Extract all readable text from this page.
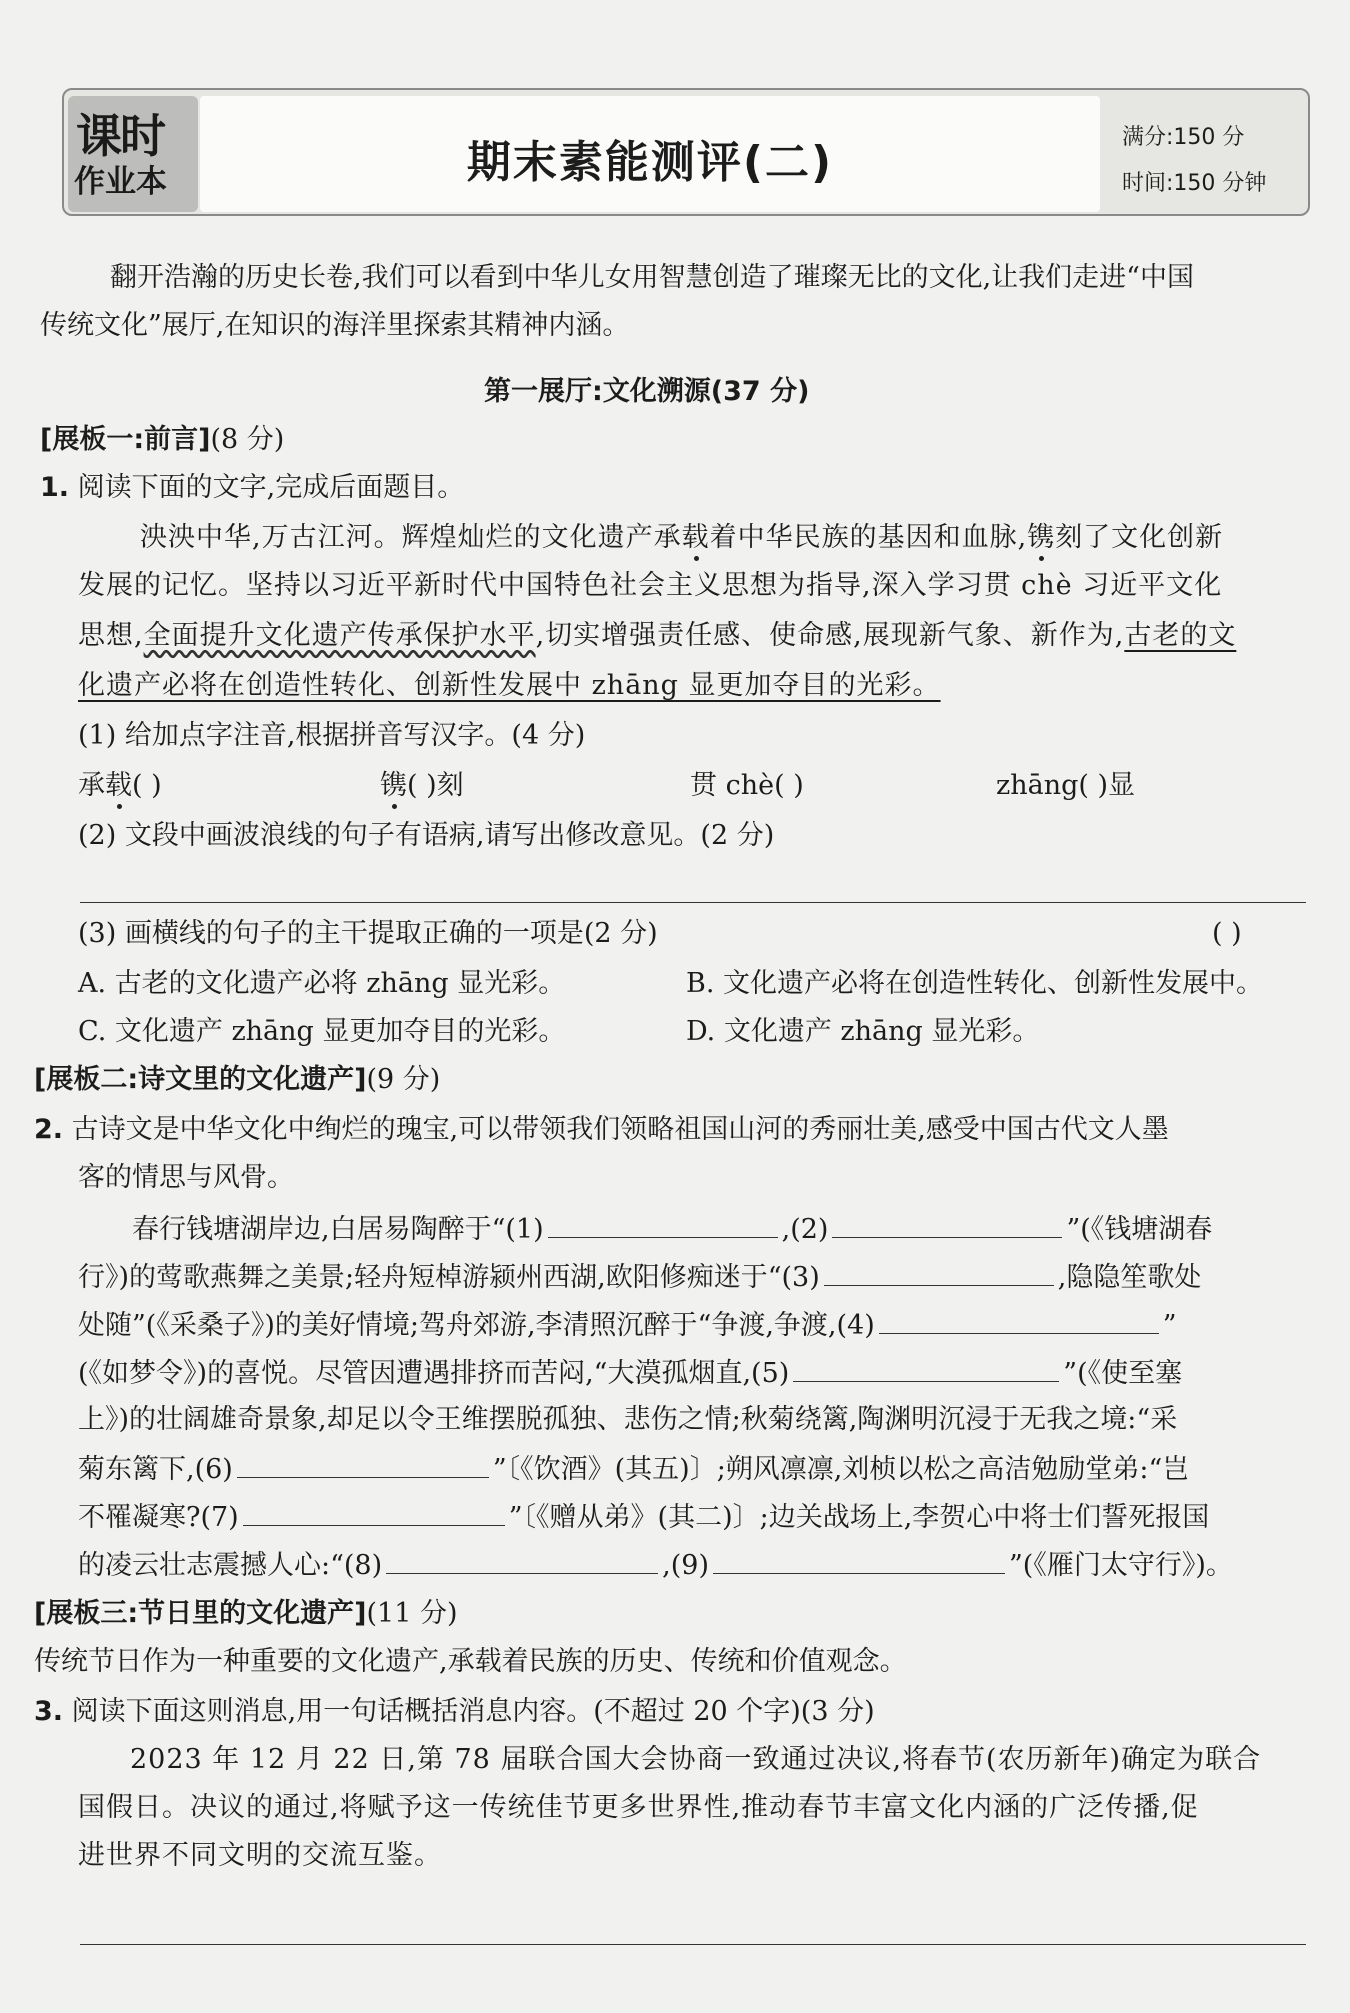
课时
作业本	期末素能测评(二)	满分:150 分
时间:150 分钟
翻开浩瀚的历史长卷,我们可以看到中华儿女用智慧创造了璀璨无比的文化,让我们走进“中国
传统文化”展厅,在知识的海洋里探索其精神内涵。
第一展厅:文化溯源(37 分)
[展板一:前言](8 分)
1. 阅读下面的文字,完成后面题目。
泱泱中华,万古江河。辉煌灿烂的文化遗产承载着中华民族的基因和血脉,镌刻了文化创新
发展的记忆。坚持以习近平新时代中国特色社会主义思想为指导,深入学习贯 chè 习近平文化
思想,全面提升文化遗产传承保护水平,切实增强责任感、使命感,展现新气象、新作为,古老的文
化遗产必将在创造性转化、创新性发展中 zhāng 显更加夺目的光彩。
(1) 给加点字注音,根据拼音写汉字。(4 分)
承载( )	镌( )刻	贯 chè( )	zhāng( )显
(2) 文段中画波浪线的句子有语病,请写出修改意见。(2 分)
(3) 画横线的句子的主干提取正确的一项是(2 分)	( )
A. 古老的文化遗产必将 zhāng 显光彩。	B. 文化遗产必将在创造性转化、创新性发展中。
C. 文化遗产 zhāng 显更加夺目的光彩。	D. 文化遗产 zhāng 显光彩。
[展板二:诗文里的文化遗产](9 分)
2. 古诗文是中华文化中绚烂的瑰宝,可以带领我们领略祖国山河的秀丽壮美,感受中国古代文人墨
客的情思与风骨。
春行钱塘湖岸边,白居易陶醉于“(1)	,(2)	”(《钱塘湖春
行》)的莺歌燕舞之美景;轻舟短棹游颍州西湖,欧阳修痴迷于“(3)	,隐隐笙歌处
处随”(《采桑子》)的美好情境;驾舟郊游,李清照沉醉于“争渡,争渡,(4)	”
(《如梦令》)的喜悦。尽管因遭遇排挤而苦闷,“大漠孤烟直,(5)	”(《使至塞
上》)的壮阔雄奇景象,却足以令王维摆脱孤独、悲伤之情;秋菊绕篱,陶渊明沉浸于无我之境:“采
菊东篱下,(6)	”〔《饮酒》(其五)〕;朔风凛凛,刘桢以松之高洁勉励堂弟:“岂
不罹凝寒?(7)	”〔《赠从弟》(其二)〕;边关战场上,李贺心中将士们誓死报国
的凌云壮志震撼人心:“(8)	,(9)	”(《雁门太守行》)。
[展板三:节日里的文化遗产](11 分)
传统节日作为一种重要的文化遗产,承载着民族的历史、传统和价值观念。
3. 阅读下面这则消息,用一句话概括消息内容。(不超过 20 个字)(3 分)
2023 年 12 月 22 日,第 78 届联合国大会协商一致通过决议,将春节(农历新年)确定为联合
国假日。决议的通过,将赋予这一传统佳节更多世界性,推动春节丰富文化内涵的广泛传播,促
进世界不同文明的交流互鉴。
